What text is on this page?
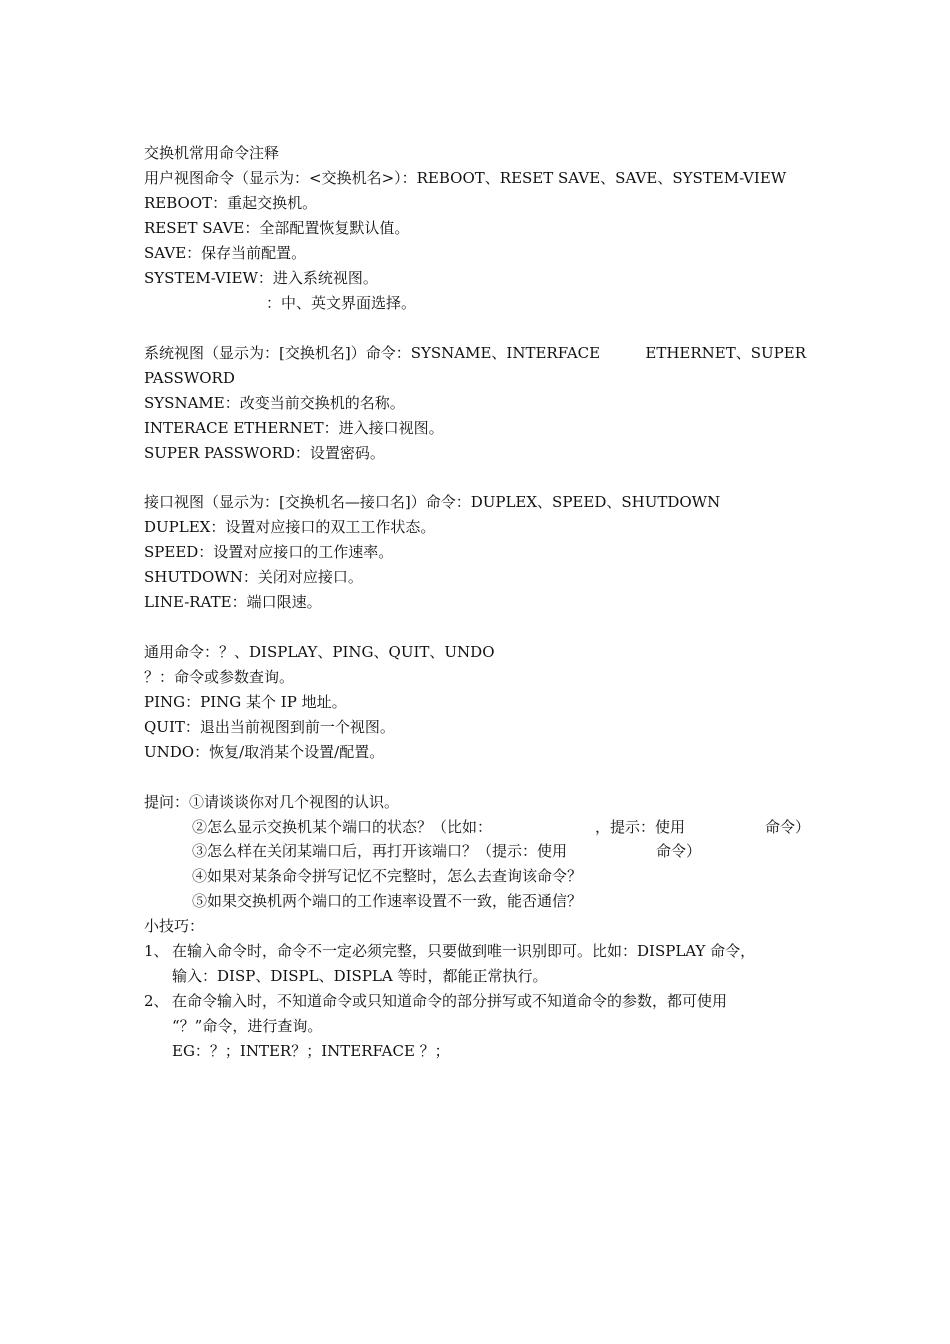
交换机常用命令注释
用户视图命令（显示为：<交换机名>）：REBOOT、RESET SAVE、SAVE、SYSTEM-VIEW
REBOOT：重起交换机。
RESET SAVE：全部配置恢复默认值。
SAVE：保存当前配置。
SYSTEM-VIEW：进入系统视图。
：中、英文界面选择。
系统视图（显示为：[交换机名]）命令：SYSNAME、INTERFACE	ETHERNET、SUPER
PASSWORD
SYSNAME：改变当前交换机的名称。
INTERACE ETHERNET：进入接口视图。
SUPER PASSWORD：设置密码。
接口视图（显示为：[交换机名—接口名]）命令：DUPLEX、SPEED、SHUTDOWN
DUPLEX：设置对应接口的双工工作状态。
SPEED：设置对应接口的工作速率。
SHUTDOWN：关闭对应接口。
LINE-RATE：端口限速。
通用命令：？、DISPLAY、PING、QUIT、UNDO
？：命令或参数查询。
PING：PING 某个 IP 地址。
QUIT：退出当前视图到前一个视图。
UNDO：恢复/取消某个设置/配置。
提问：①请谈谈你对几个视图的认识。
②怎么显示交换机某个端口的状态？（比如：	，提示：使用	命令）
③怎么样在关闭某端口后，再打开该端口？（提示：使用	命令）
④如果对某条命令拼写记忆不完整时，怎么去查询该命令？
⑤如果交换机两个端口的工作速率设置不一致，能否通信？
小技巧：
1、 在输入命令时，命令不一定必须完整，只要做到唯一识别即可。比如：DISPLAY 命令，
输入：DISP、DISPL、DISPLA 等时，都能正常执行。
2、 在命令输入时，不知道命令或只知道命令的部分拼写或不知道命令的参数，都可使用
“？”命令，进行查询。
EG：？；INTER？；INTERFACE ？；
